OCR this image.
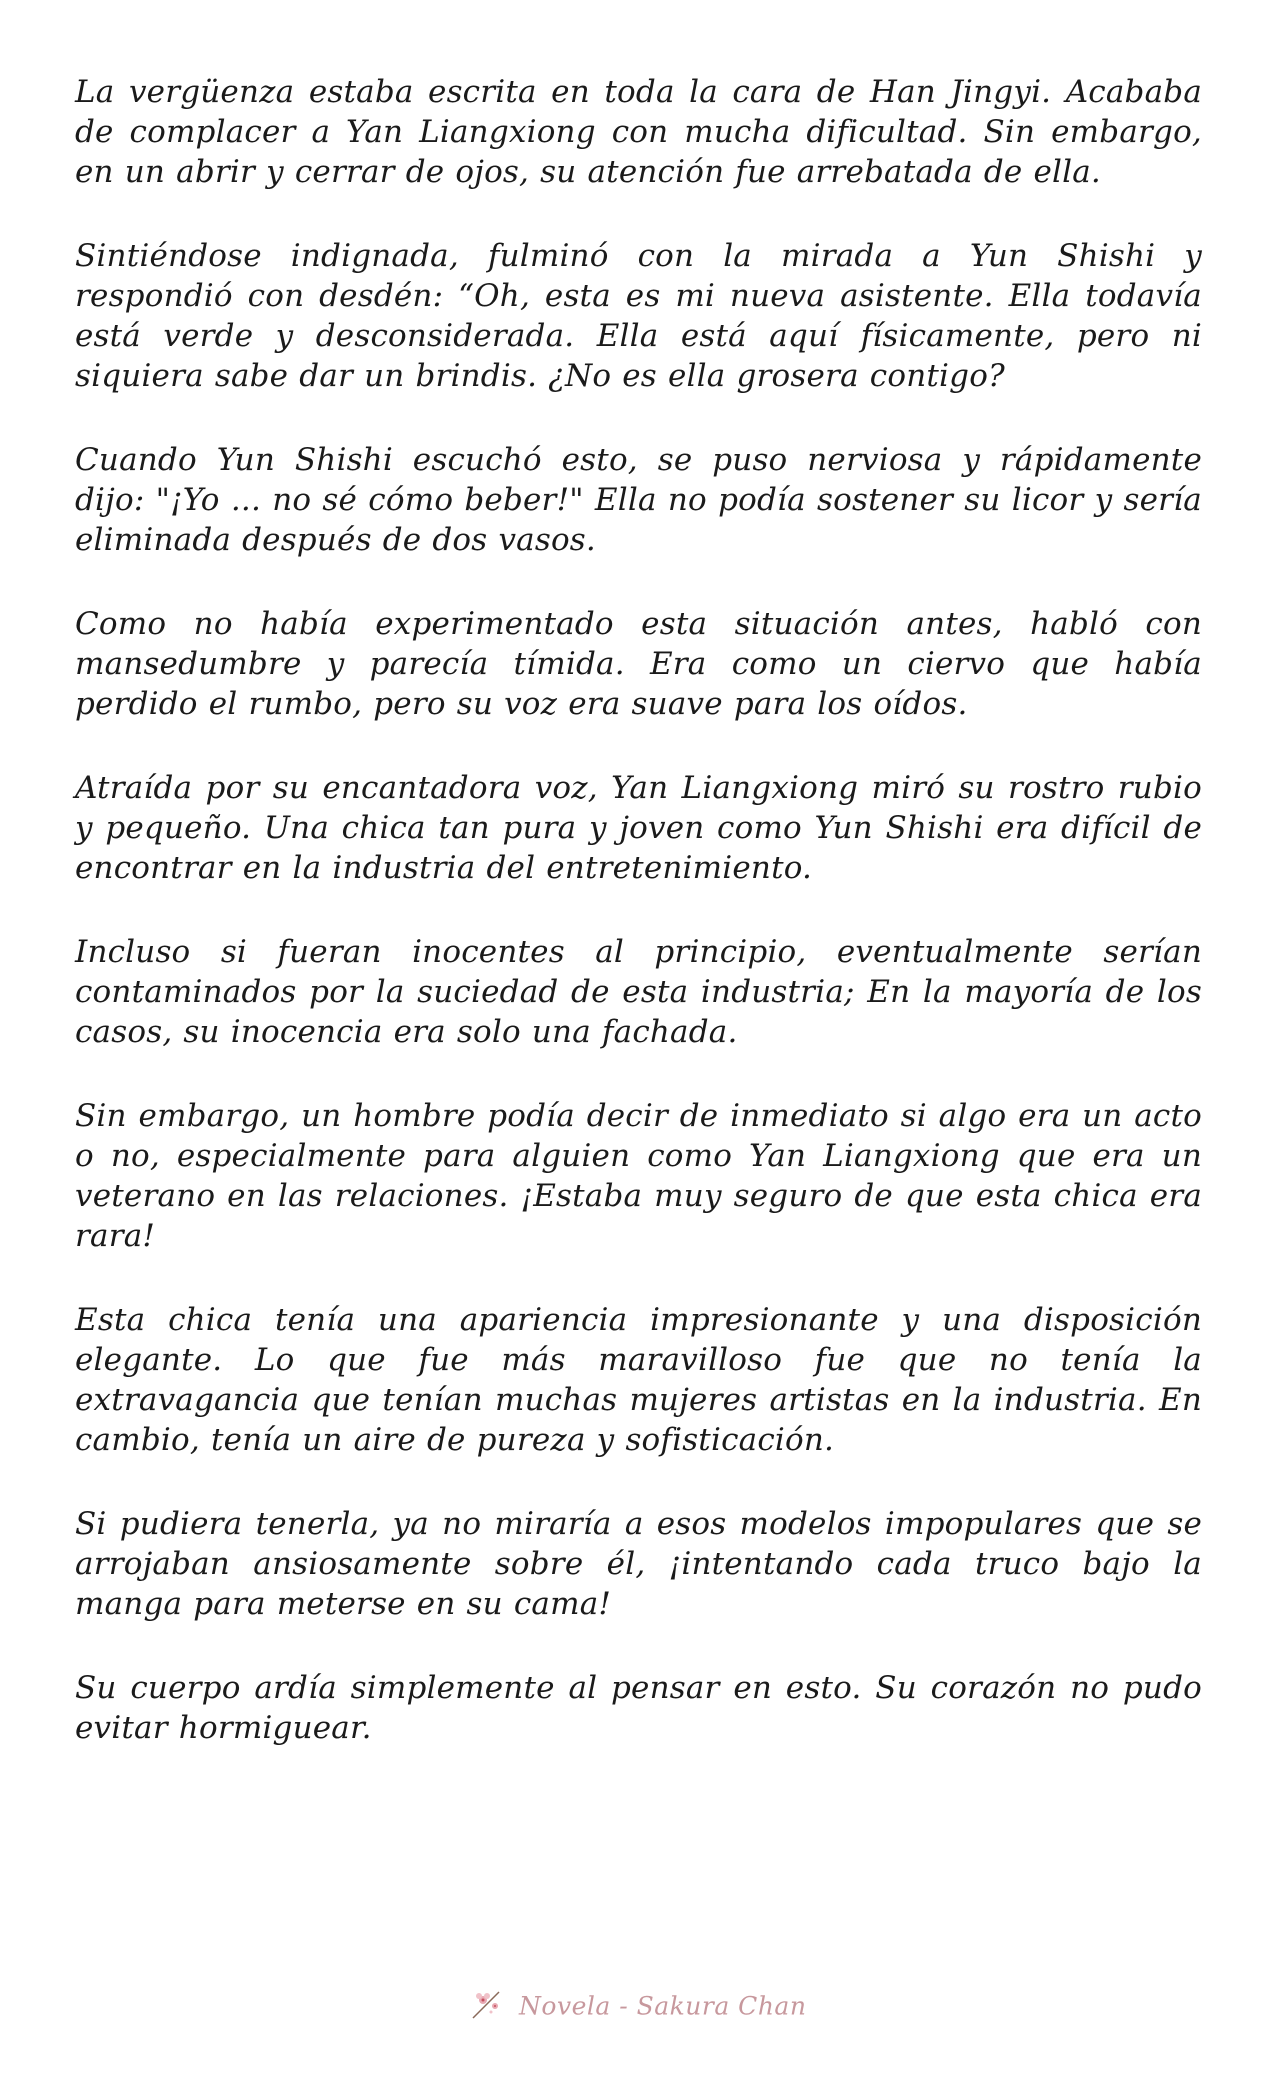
La vergüenza estaba escrita en toda la cara de Han Jingyi. Acababa de complacer a Yan Liangxiong con mucha dificultad. Sin embargo, en un abrir y cerrar de ojos, su atención fue arrebatada de ella.

Sintiéndose indignada, fulminó con la mirada a Yun Shishi y respondió con desdén: “Oh, esta es mi nueva asistente. Ella todavía está verde y desconsiderada. Ella está aquí físicamente, pero ni siquiera sabe dar un brindis. ¿No es ella grosera contigo?

Cuando Yun Shishi escuchó esto, se puso nerviosa y rápidamente dijo: "¡Yo ... no sé cómo beber!" Ella no podía sostener su licor y sería eliminada después de dos vasos.

Como no había experimentado esta situación antes, habló con mansedumbre y parecía tímida. Era como un ciervo que había perdido el rumbo, pero su voz era suave para los oídos.

Atraída por su encantadora voz, Yan Liangxiong miró su rostro rubio y pequeño. Una chica tan pura y joven como Yun Shishi era difícil de encontrar en la industria del entretenimiento.

Incluso si fueran inocentes al principio, eventualmente serían contaminados por la suciedad de esta industria; En la mayoría de los casos, su inocencia era solo una fachada.

Sin embargo, un hombre podía decir de inmediato si algo era un acto o no, especialmente para alguien como Yan Liangxiong que era un veterano en las relaciones. ¡Estaba muy seguro de que esta chica era rara!

Esta chica tenía una apariencia impresionante y una disposición elegante. Lo que fue más maravilloso fue que no tenía la extravagancia que tenían muchas mujeres artistas en la industria. En cambio, tenía un aire de pureza y sofisticación.

Si pudiera tenerla, ya no miraría a esos modelos impopulares que se arrojaban ansiosamente sobre él, ¡intentando cada truco bajo la manga para meterse en su cama!

Su cuerpo ardía simplemente al pensar en esto. Su corazón no pudo evitar hormiguear.

Novela - Sakura Chan
